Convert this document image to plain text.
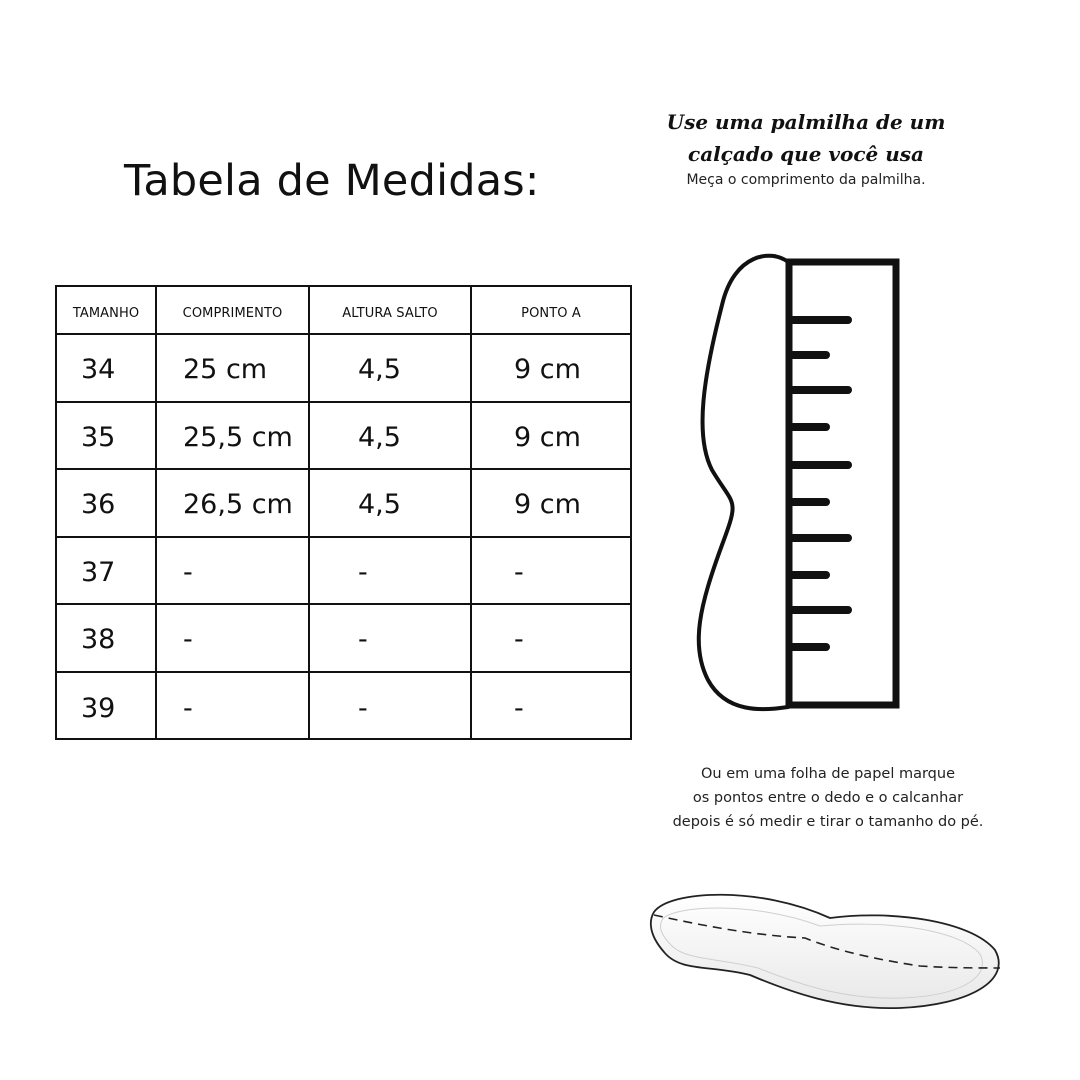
Tabela de Medidas:
TAMANHO	COMPRIMENTO	ALTURA SALTO	PONTO A
34	25 cm	4,5	9 cm
35	25,5 cm	4,5	9 cm
36	26,5 cm	4,5	9 cm
37	-	-	-
38	-	-	-
39	-	-	-
Use uma palmilha de um
calçado que você usa
Meça o comprimento da palmilha.
Ou em uma folha de papel marque
os pontos entre o dedo e o calcanhar
depois é só medir e tirar o tamanho do pé.
